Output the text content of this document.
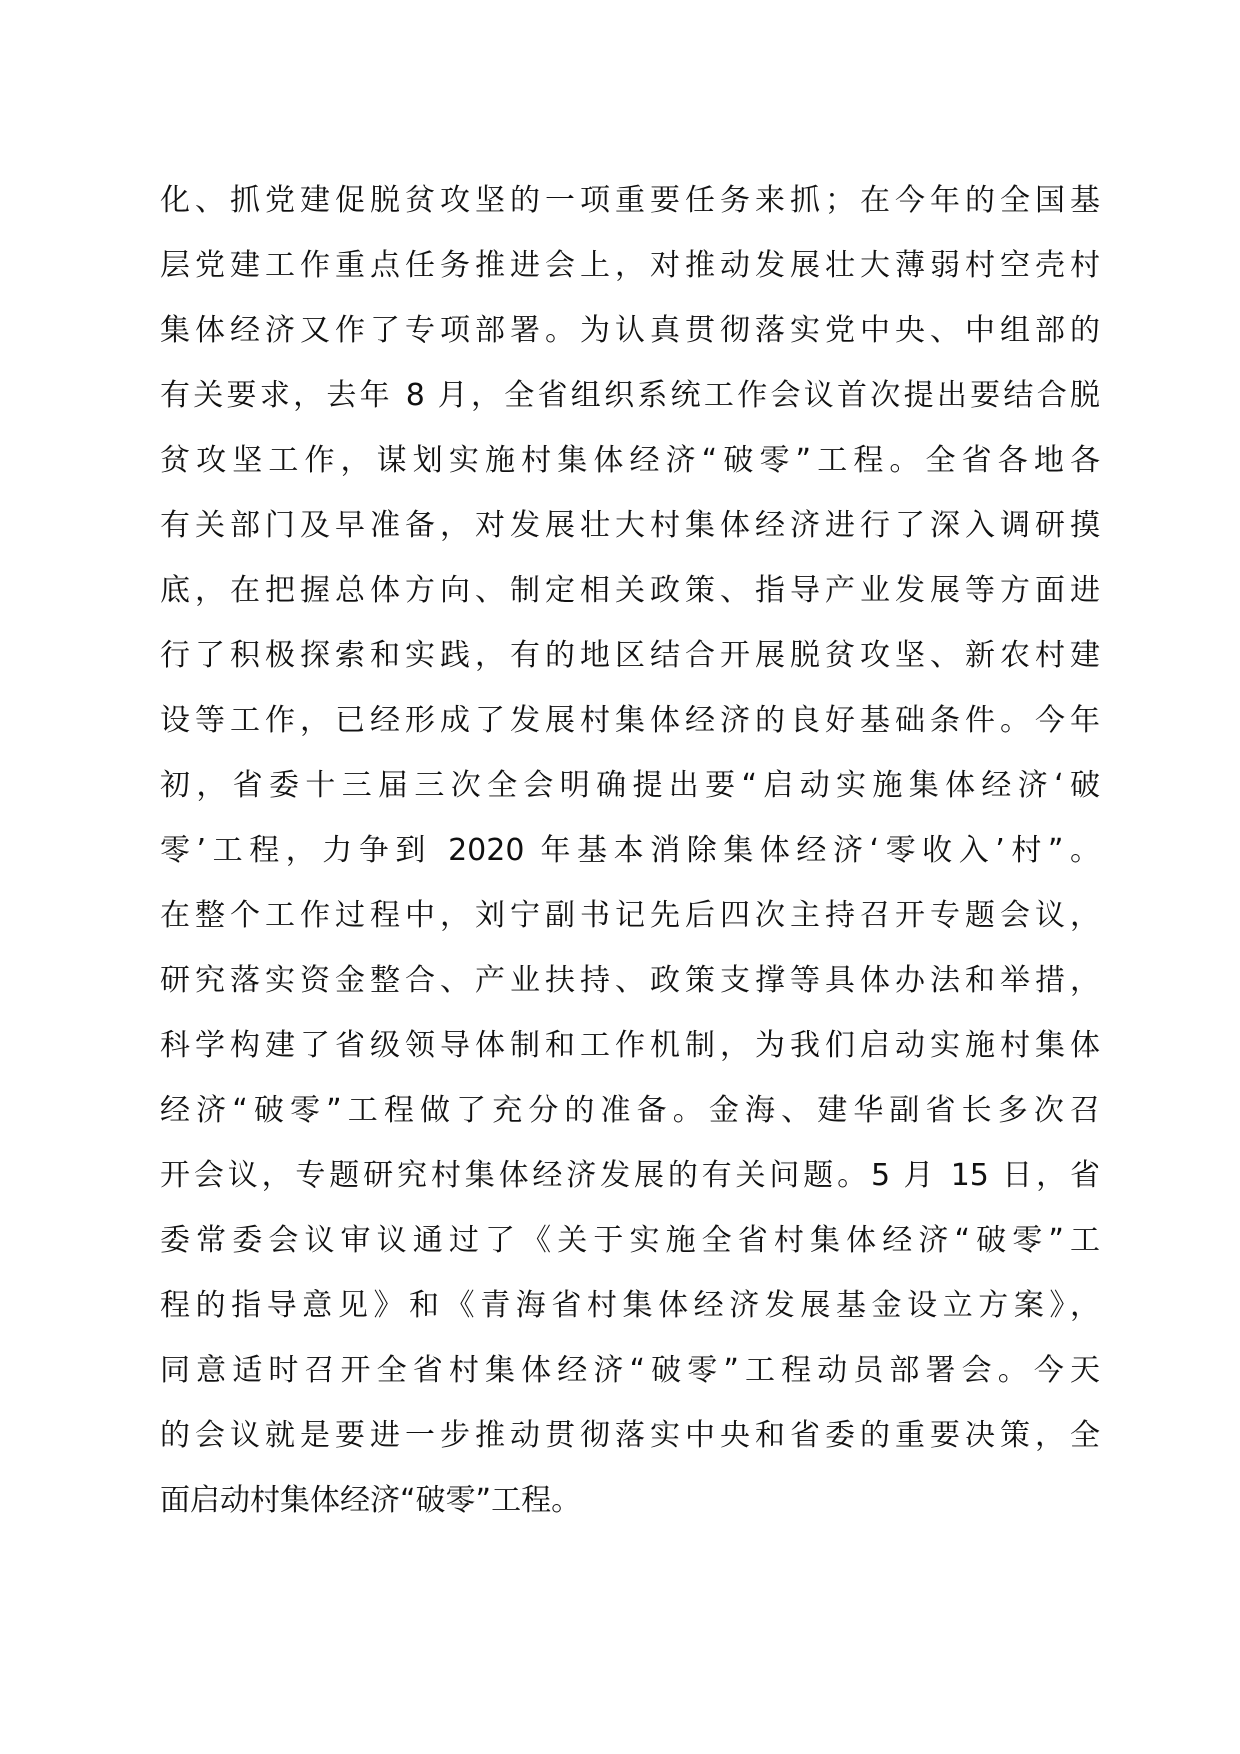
化、抓党建促脱贫攻坚的一项重要任务来抓；在今年的全国基
层党建工作重点任务推进会上，对推动发展壮大薄弱村空壳村
集体经济又作了专项部署。为认真贯彻落实党中央、中组部的
有关要求，去年 8 月，全省组织系统工作会议首次提出要结合脱
贫攻坚工作，谋划实施村集体经济“破零”工程。全省各地各
有关部门及早准备，对发展壮大村集体经济进行了深入调研摸
底，在把握总体方向、制定相关政策、指导产业发展等方面进
行了积极探索和实践，有的地区结合开展脱贫攻坚、新农村建
设等工作，已经形成了发展村集体经济的良好基础条件。今年
初，省委十三届三次全会明确提出要“启动实施集体经济‘破
零’工程，力争到 2020 年基本消除集体经济‘零收入’村”。
在整个工作过程中，刘宁副书记先后四次主持召开专题会议，
研究落实资金整合、产业扶持、政策支撑等具体办法和举措，
科学构建了省级领导体制和工作机制，为我们启动实施村集体
经济“破零”工程做了充分的准备。金海、建华副省长多次召
开会议，专题研究村集体经济发展的有关问题。5 月 15 日，省
委常委会议审议通过了《关于实施全省村集体经济“破零”工
程的指导意见》和《青海省村集体经济发展基金设立方案》，
同意适时召开全省村集体经济“破零”工程动员部署会。今天
的会议就是要进一步推动贯彻落实中央和省委的重要决策，全
面启动村集体经济“破零”工程。
